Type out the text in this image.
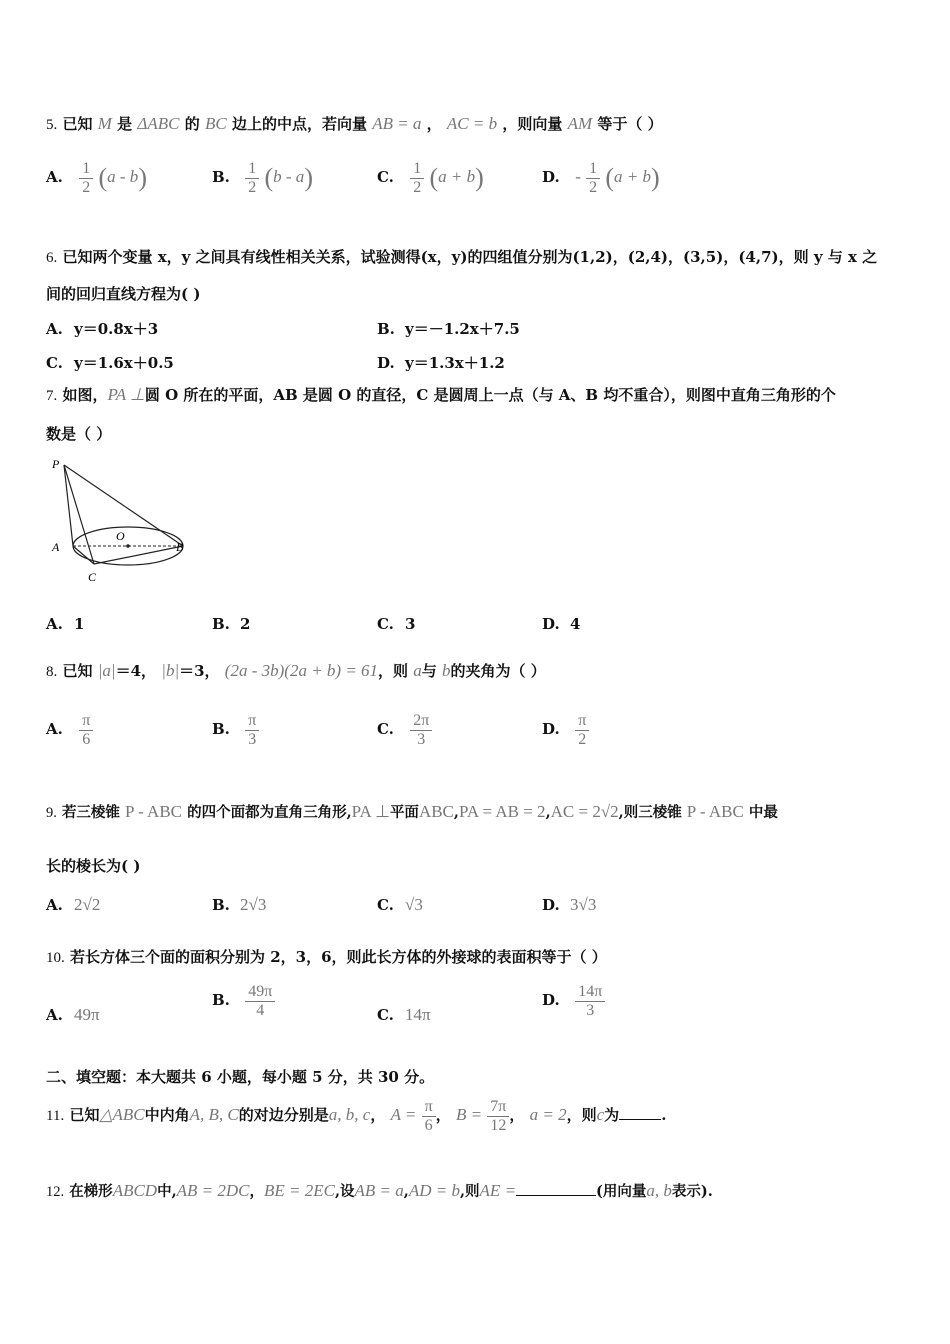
5. 已知 M 是 ΔABC 的 BC 边上的中点，若向量 AB = a ， AC = b ，则向量 AM 等于（ ）
A. $\frac{1}{2} (a - b)$	B. $\frac{1}{2} (b - a)$	C. $\frac{1}{2} (a + b)$	D. - $\frac{1}{2} (a + b)$
6. 已知两个变量 x，y 之间具有线性相关关系，试验测得(x，y)的四组值分别为(1,2)，(2,4)，(3,5)，(4,7)，则 y 与 x 之
间的回归直线方程为( )
A. y＝0.8x＋3	B. y＝－1.2x＋7.5
C. y＝1.6x＋0.5	D. y＝1.3x＋1.2
7. 如图，PA ⊥圆 O 所在的平面，AB 是圆 O 的直径，C 是圆周上一点（与 A、B 均不重合），则图中直角三角形的个
数是（ ）
P
A
O
B
C
A. 1	B. 2	C. 3	D. 4
8. 已知 |a|＝4， |b|＝3， (2a - 3b)(2a + b) = 61，则 a与 b的夹角为（ ）
A. $\frac{\pi}{6}$	B. $\frac{\pi}{3}$	C. $\frac{2\pi}{3}$	D. $\frac{\pi}{2}$
9. 若三棱锥 P - ABC 的四个面都为直角三角形,PA ⊥平面ABC,PA = AB = 2,AC = 2√2,则三棱锥 P - ABC 中最
长的棱长为( )
A. 2√2	B. 2√3	C. √3	D. 3√3
10. 若长方体三个面的面积分别为 2，3，6，则此长方体的外接球的表面积等于（ ）
A. 49π
B. $\frac{49\pi}{4}$	C. 14π
D. $\frac{14\pi}{3}$
二、填空题：本大题共 6 小题，每小题 5 分，共 30 分。
11. 已知△ABC中内角A, B, C的对边分别是a, b, c， $A = \frac{\pi}{6}$ ， $B = \frac{7\pi}{12}$ ， a = 2，则c为	.
12. 在梯形ABCD中,AB = 2DC，BE = 2EC,设AB = a,AD = b,则AE =	(用向量a, b表示).
